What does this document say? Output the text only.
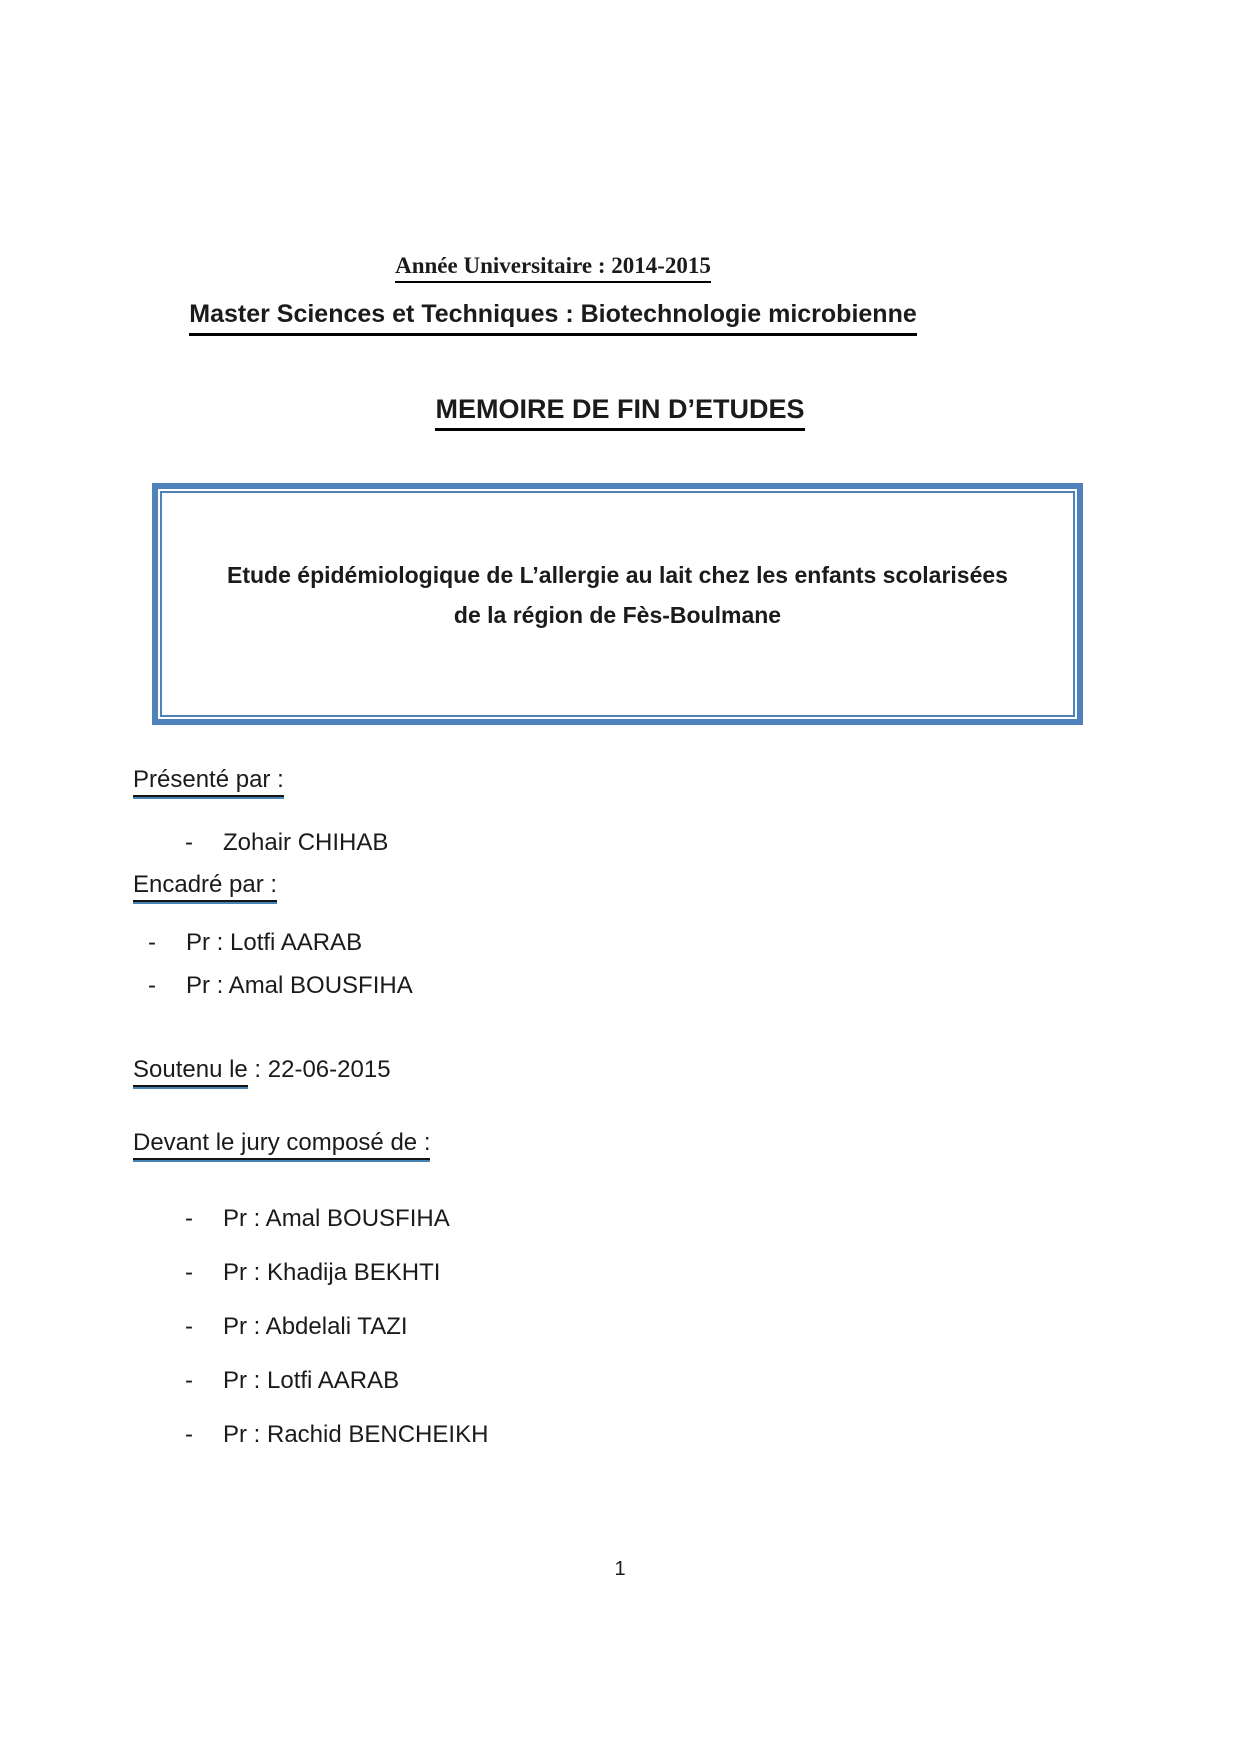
Année Universitaire : 2014-2015
Master Sciences et Techniques : Biotechnologie microbienne
MEMOIRE DE FIN D’ETUDES
Etude épidémiologique de L’allergie au lait chez les enfants scolarisées
de la région de Fès-Boulmane
Présenté par :
-	Zohair CHIHAB
Encadré par :
-	Pr : Lotfi AARAB
-	Pr : Amal BOUSFIHA
Soutenu le : 22-06-2015
Devant le jury composé de :
-	Pr : Amal BOUSFIHA
-	Pr : Khadija BEKHTI
-	Pr : Abdelali TAZI
-	Pr : Lotfi AARAB
-	Pr : Rachid BENCHEIKH
1
